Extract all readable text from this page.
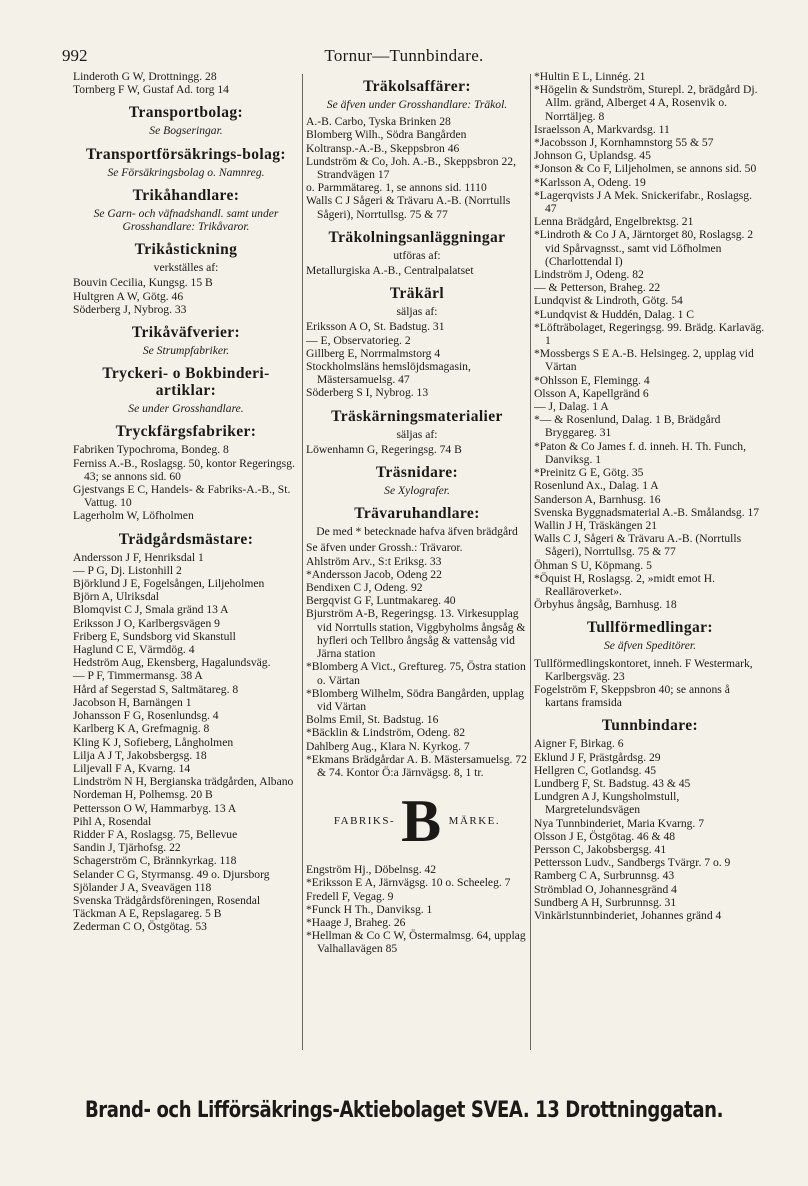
992	Tornur—Tunnbindare.
Linderoth G W, Drottningg. 28
Tornberg F W, Gustaf Ad. torg 14
Transportbolag:
Se Bogseringar.
Transportförsäkrings-bolag:
Se Försäkringsbolag o. Namnreg.
Trikåhandlare:
Se Garn- och väfnadshandl. samt under Grosshandlare: Trikåvaror.
Trikåstickning
verkställes af:
Bouvin Cecilia, Kungsg. 15 B
Hultgren A W, Götg. 46
Söderberg J, Nybrog. 33
Trikåväfverier:
Se Strumpfabriker.
Tryckeri- o Bokbinderi-artiklar:
Se under Grosshandlare.
Tryckfärgsfabriker:
Fabriken Typochroma, Bondeg. 8
Ferniss A.-B., Roslagsg. 50, kontor Regeringsg. 43; se annons sid. 60
Gjestvangs E C, Handels- & Fabriks-A.-B., St. Vattug. 10
Lagerholm W, Löfholmen
Trädgårdsmästare:
Andersson J F, Henriksdal 1
— P G, Dj. Listonhill 2
Björklund J E, Fogelsången, Liljeholmen
Björn A, Ulriksdal
Blomqvist C J, Smala gränd 13 A
Eriksson J O, Karlbergsvägen 9
Friberg E, Sundsborg vid Skanstull
Haglund C E, Värmdög. 4
Hedström Aug, Ekensberg, Hagalundsväg.
— P F, Timmermansg. 38 A
Hård af Segerstad S, Saltmätareg. 8
Jacobson H, Barnängen 1
Johansson F G, Rosenlundsg. 4
Karlberg K A, Grefmagnig. 8
Kling K J, Sofieberg, Långholmen
Lilja A J T, Jakobsbergsg. 18
Liljevall F A, Kvarng. 14
Lindström N H, Bergianska trädgården, Albano
Nordeman H, Polhemsg. 20 B
Pettersson O W, Hammarbyg. 13 A
Pihl A, Rosendal
Ridder F A, Roslagsg. 75, Bellevue
Sandin J, Tjärhofsg. 22
Schagerström C, Brännkyrkag. 118
Selander C G, Styrmansg. 49 o. Djursborg
Sjölander J A, Sveavägen 118
Svenska Trädgårdsföreningen, Rosendal
Täckman A E, Repslagareg. 5 B
Zederman C O, Östgötag. 53
Träkolsaffärer:
Se äfven under Grosshandlare: Träkol.
A.-B. Carbo, Tyska Brinken 28
Blomberg Wilh., Södra Bangården
Koltransp.-A.-B., Skeppsbron 46
Lundström & Co, Joh. A.-B., Skeppsbron 22, Strandvägen 17
o. Parmmätareg. 1, se annons sid. 1110
Walls C J Sågeri & Trävaru A.-B. (Norrtulls Sågeri), Norrtullsg. 75 & 77
Träkolningsanläggningar
utföras af:
Metallurgiska A.-B., Centralpalatset
Träkärl
säljas af:
Eriksson A O, St. Badstug. 31
— E, Observatorieg. 2
Gillberg E, Norrmalmstorg 4
Stockholmsläns hemslöjdsmagasin, Mästersamuelsg. 47
Söderberg S I, Nybrog. 13
Träskärningsmaterialier
säljas af:
Löwenhamn G, Regeringsg. 74 B
Träsnidare:
Se Xylografer.
Trävaruhandlare:
De med * betecknade hafva äfven brädgård
Se äfven under Grossh.: Trävaror.
Ahlström Arv., S:t Eriksg. 33
*Andersson Jacob, Odeng 22
Bendixen C J, Odeng. 92
Bergqvist G F, Luntmakareg. 40
Bjurström A-B, Regeringsg. 13. Virkesupplag vid Norrtulls station, Viggbyholms ångsåg & hyfleri och Tellbro ångsåg & vattensåg vid Järna station
*Blomberg A Vict., Greftureg. 75, Östra station o. Värtan
*Blomberg Wilhelm, Södra Bangården, upplag vid Värtan
Bolms Emil, St. Badstug. 16
*Bäcklin & Lindström, Odeng. 82
Dahlberg Aug., Klara N. Kyrkog. 7
*Ekmans Brädgårdar A. B. Mästersamuelsg. 72 & 74. Kontor Ö:a Järnvägsg. 8, 1 tr.
FABRIKS- B MÄRKE.
Engström Hj., Döbelnsg. 42
*Eriksson E A, Järnvägsg. 10 o. Scheeleg. 7
Fredell F, Vegag. 9
*Funck H Th., Danviksg. 1
*Haage J, Braheg. 26
*Hellman & Co C W, Östermalmsg. 64, upplag Valhallavägen 85
*Hultin E L, Linnég. 21
*Högelin & Sundström, Sturepl. 2, brädgård Dj. Allm. gränd, Alberget 4 A, Rosenvik o. Norrtäljeg. 8
Israelsson A, Markvardsg. 11
*Jacobsson J, Kornhamnstorg 55 & 57
Johnson G, Uplandsg. 45
*Jonson & Co F, Liljeholmen, se annons sid. 50
*Karlsson A, Odeng. 19
*Lagerqvists J A Mek. Snickerifabr., Roslagsg. 47
Lenna Brädgård, Engelbrektsg. 21
*Lindroth & Co J A, Järntorget 80, Roslagsg. 2 vid Spårvagnsst., samt vid Löfholmen (Charlottendal I)
Lindström J, Odeng. 82
— & Petterson, Braheg. 22
Lundqvist & Lindroth, Götg. 54
*Lundqvist & Huddén, Dalag. 1 C
*Löfträbolaget, Regeringsg. 99. Brädg. Karlaväg. 1
*Mossbergs S E A.-B. Helsingeg. 2, upplag vid Värtan
*Ohlsson E, Flemingg. 4
Olsson A, Kapellgränd 6
— J, Dalag. 1 A
*— & Rosenlund, Dalag. 1 B, Brädgård Bryggareg. 31
*Paton & Co James f. d. inneh. H. Th. Funch, Danviksg. 1
*Preinitz G E, Götg. 35
Rosenlund Ax., Dalag. 1 A
Sanderson A, Barnhusg. 16
Svenska Byggnadsmaterial A.-B. Smålandsg. 17
Wallin J H, Träskängen 21
Walls C J, Sågeri & Trävaru A.-B. (Norrtulls Sågeri), Norrtullsg. 75 & 77
Öhman S U, Köpmang. 5
*Öquist H, Roslagsg. 2, »midt emot H. Realläroverket».
Örbyhus ångsåg, Barnhusg. 18
Tullförmedlingar:
Se äfven Speditörer.
Tullförmedlingskontoret, inneh. F Westermark, Karlbergsväg. 23
Fogelström F, Skeppsbron 40; se annons å kartans framsida
Tunnbindare:
Aigner F, Birkag. 6
Eklund J F, Prästgårdsg. 29
Hellgren C, Gotlandsg. 45
Lundberg F, St. Badstug. 43 & 45
Lundgren A J, Kungsholmstull, Margretelundsvägen
Nya Tunnbinderiet, Maria Kvarng. 7
Olsson J E, Östgötag. 46 & 48
Persson C, Jakobsbergsg. 41
Pettersson Ludv., Sandbergs Tvärgr. 7 o. 9
Ramberg C A, Surbrunnsg. 43
Strömblad O, Johannesgränd 4
Sundberg A H, Surbrunnsg. 31
Vinkärlstunnbinderiet, Johannes gränd 4
Brand- och Lifförsäkrings-Aktiebolaget SVEA. 13 Drottninggatan.
